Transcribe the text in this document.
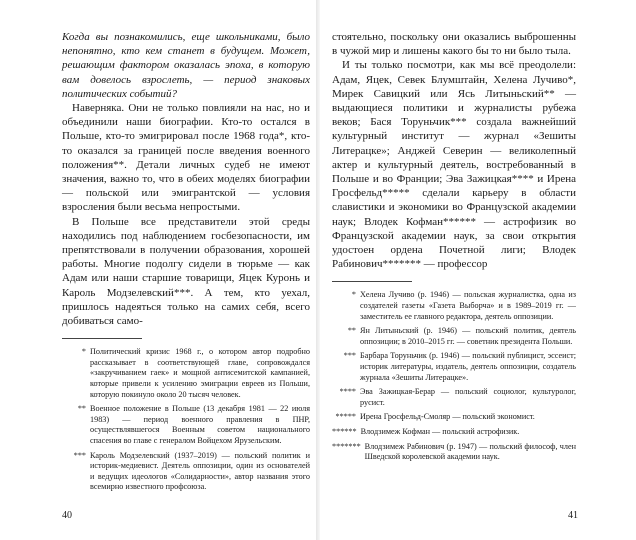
Когда вы познакомились, еще школьниками, было непонятно, кто кем станет в будущем. Может, решающим фактором оказалась эпоха, в которую вам довелось взрослеть, — период знаковых политических событий?

Наверняка. Они не только повлияли на нас, но и объединили наши биографии. Кто-то остался в Польше, кто-то эмигрировал после 1968 года*, кто-то оказался за границей после введения военного положения**. Детали личных судеб не имеют значения, важно то, что в обеих моделях биографии — польской или эмигрантской — условия взросления были весьма непростыми.

В Польше все представители этой среды находились под наблюдением госбезопасности, им препятствовали в получении образования, хорошей работы. Многие подолгу сидели в тюрьме — как Адам или наши старшие товарищи, Яцек Куронь и Кароль Модзелевский***. А тем, кто уехал, пришлось надеяться только на самих себя, всего добиваться само-

* Политический кризис 1968 г., о котором автор подробно рассказывает в соответствующей главе, сопровождался «закручиванием гаек» и мощной антисемитской кампанией, которые привели к усилению эмиграции евреев из Польши, которую покинуло около 20 тысяч человек.
** Военное положение в Польше (13 декабря 1981 — 22 июля 1983) — период военного правления в ПНР, осуществлявшегося Военным советом национального спасения во главе с генералом Войцехом Ярузельским.
*** Кароль Модзелевский (1937–2019) — польский политик и историк-медиевист. Деятель оппозиции, один из основателей и ведущих идеологов «Солидарности», автор названия этого всемирно известного профсоюза.
40

стоятельно, поскольку они оказались выброшенны в чужой мир и лишены какого бы то ни было тыла.

И ты только посмотри, как мы всё преодолели: Адам, Яцек, Севек Блумштайн, Хелена Лучиво*, Мирек Савицкий или Ясь Литыньский** — выдающиеся политики и журналисты рубежа веков; Бася Торуньчик*** создала важнейший культурный институт — журнал «Зешиты Литерацке»; Анджей Северин — великолепный актер и культурный деятель, востребованный в Польше и во Франции; Эва Зажицкая**** и Ирена Гросфельд***** сделали карьеру в области славистики и экономики во Французской академии наук; Влодек Кофман****** — астрофизик во Французской академии наук, за свои открытия удостоен ордена Почетной лиги; Влодек Рабинович******* — профессор

* Хелена Лучиво (р. 1946) — польская журналистка, одна из создателей газеты «Газета Выборча» и в 1989–2019 гг. — заместитель ее главного редактора, деятель оппозиции.
** Ян Литыньский (р. 1946) — польский политик, деятель оппозиции; в 2010–2015 гг. — советник президента Польши.
*** Барбара Торуньчик (р. 1946) — польский публицист, эссеист; историк литературы, издатель, деятель оппозиции, создатель журнала «Зешиты Литерацке».
**** Эва Зажицкая-Берар — польский социолог, культуролог, русист.
***** Ирена Гросфельд-Смоляр — польский экономист.
****** Влодзимеж Кофман — польский астрофизик.
******* Влодзимеж Рабинович (р. 1947) — польский философ, член Шведской королевской академии наук.
41
